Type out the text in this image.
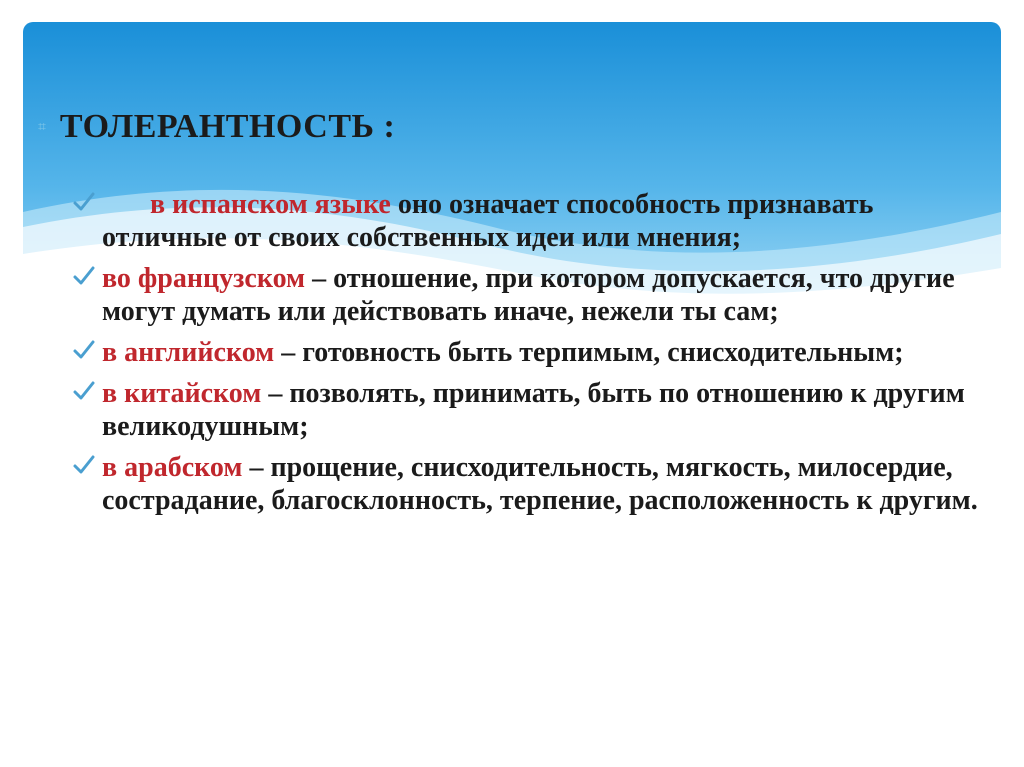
⌗ ТОЛЕРАНТНОСТЬ :
в испанском языке оно означает способность признавать отличные от своих собственных идеи или мнения;
во французском – отношение, при котором допускается, что другие могут думать или действовать иначе, нежели ты сам;
в английском – готовность быть терпимым, снисходительным;
в китайском – позволять, принимать, быть по отношению к другим великодушным;
в арабском – прощение, снисходительность, мягкость, милосердие, сострадание, благосклонность, терпение, расположенность к другим.
